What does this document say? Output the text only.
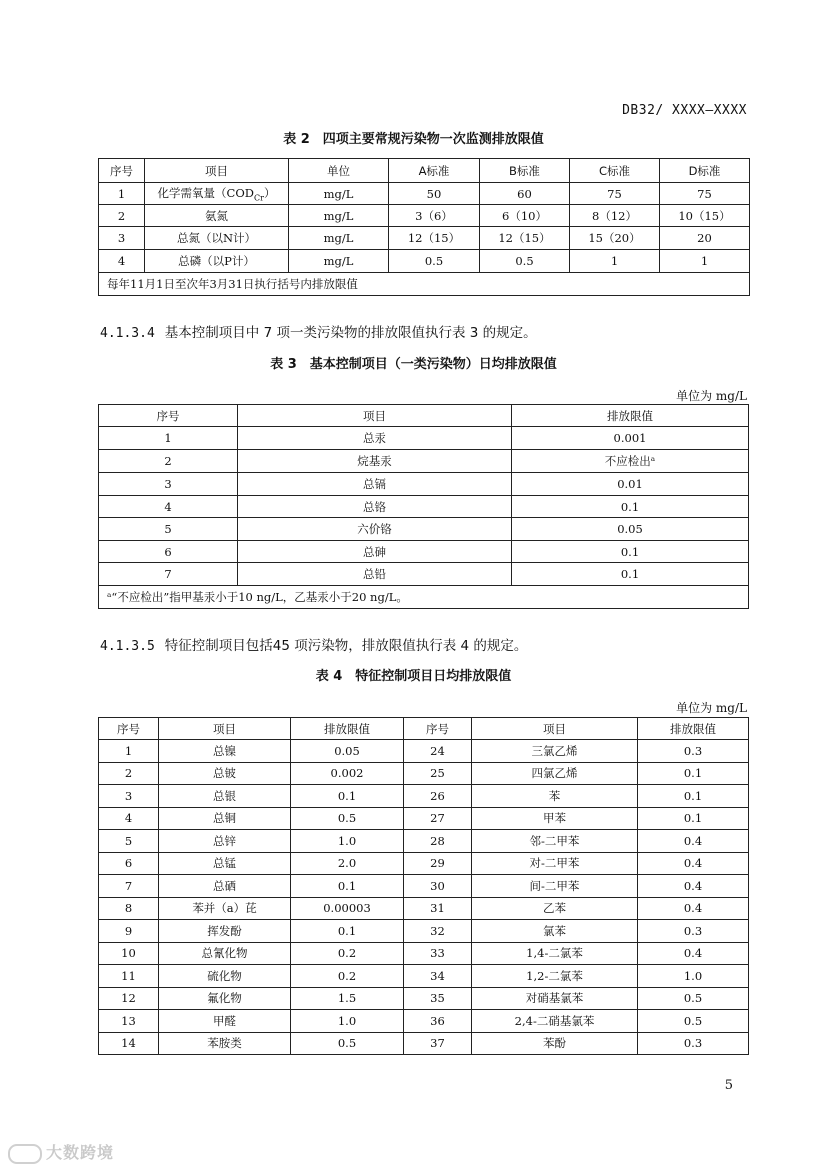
DB32/ XXXX—XXXX
表 2　四项主要常规污染物一次监测排放限值
序号	项目	单位	A标准	B标准	C标准	D标准
1	化学需氧量$(COD_{Cr})$	mg/L	50	60	75	75
2	氨氮	mg/L	3（6）	6（10）	8（12）	10（15）
3	总氮（以N计）	mg/L	12（15）	12（15）	15（20）	20
4	总磷（以P计）	mg/L	0.5	0.5	1	1
每年11月1日至次年3月31日执行括号内排放限值						
4.1.3.4 基本控制项目中 7 项一类污染物的排放限值执行表 3 的规定。
表 3　基本控制项目（一类污染物）日均排放限值
单位为 mg/L
序号	项目	排放限值
1	总汞	0.001
2	烷基汞	不应检出ᵃ
3	总镉	0.01
4	总铬	0.1
5	六价铬	0.05
6	总砷	0.1
7	总铅	0.1
ᵃ“不应检出”指甲基汞小于10 ng/L，乙基汞小于20 ng/L。		
4.1.3.5 特征控制项目包括45 项污染物，排放限值执行表 4 的规定。
表 4　特征控制项目日均排放限值
单位为 mg/L
序号	项目	排放限值	序号	项目	排放限值
1	总镍	0.05	24	三氯乙烯	0.3
2	总铍	0.002	25	四氯乙烯	0.1
3	总银	0.1	26	苯	0.1
4	总铜	0.5	27	甲苯	0.1
5	总锌	1.0	28	邻-二甲苯	0.4
6	总锰	2.0	29	对-二甲苯	0.4
7	总硒	0.1	30	间-二甲苯	0.4
8	苯并（a）芘	0.00003	31	乙苯	0.4
9	挥发酚	0.1	32	氯苯	0.3
10	总氰化物	0.2	33	1,4-二氯苯	0.4
11	硫化物	0.2	34	1,2-二氯苯	1.0
12	氟化物	1.5	35	对硝基氯苯	0.5
13	甲醛	1.0	36	2,4-二硝基氯苯	0.5
14	苯胺类	0.5	37	苯酚	0.3
5
大数跨境
